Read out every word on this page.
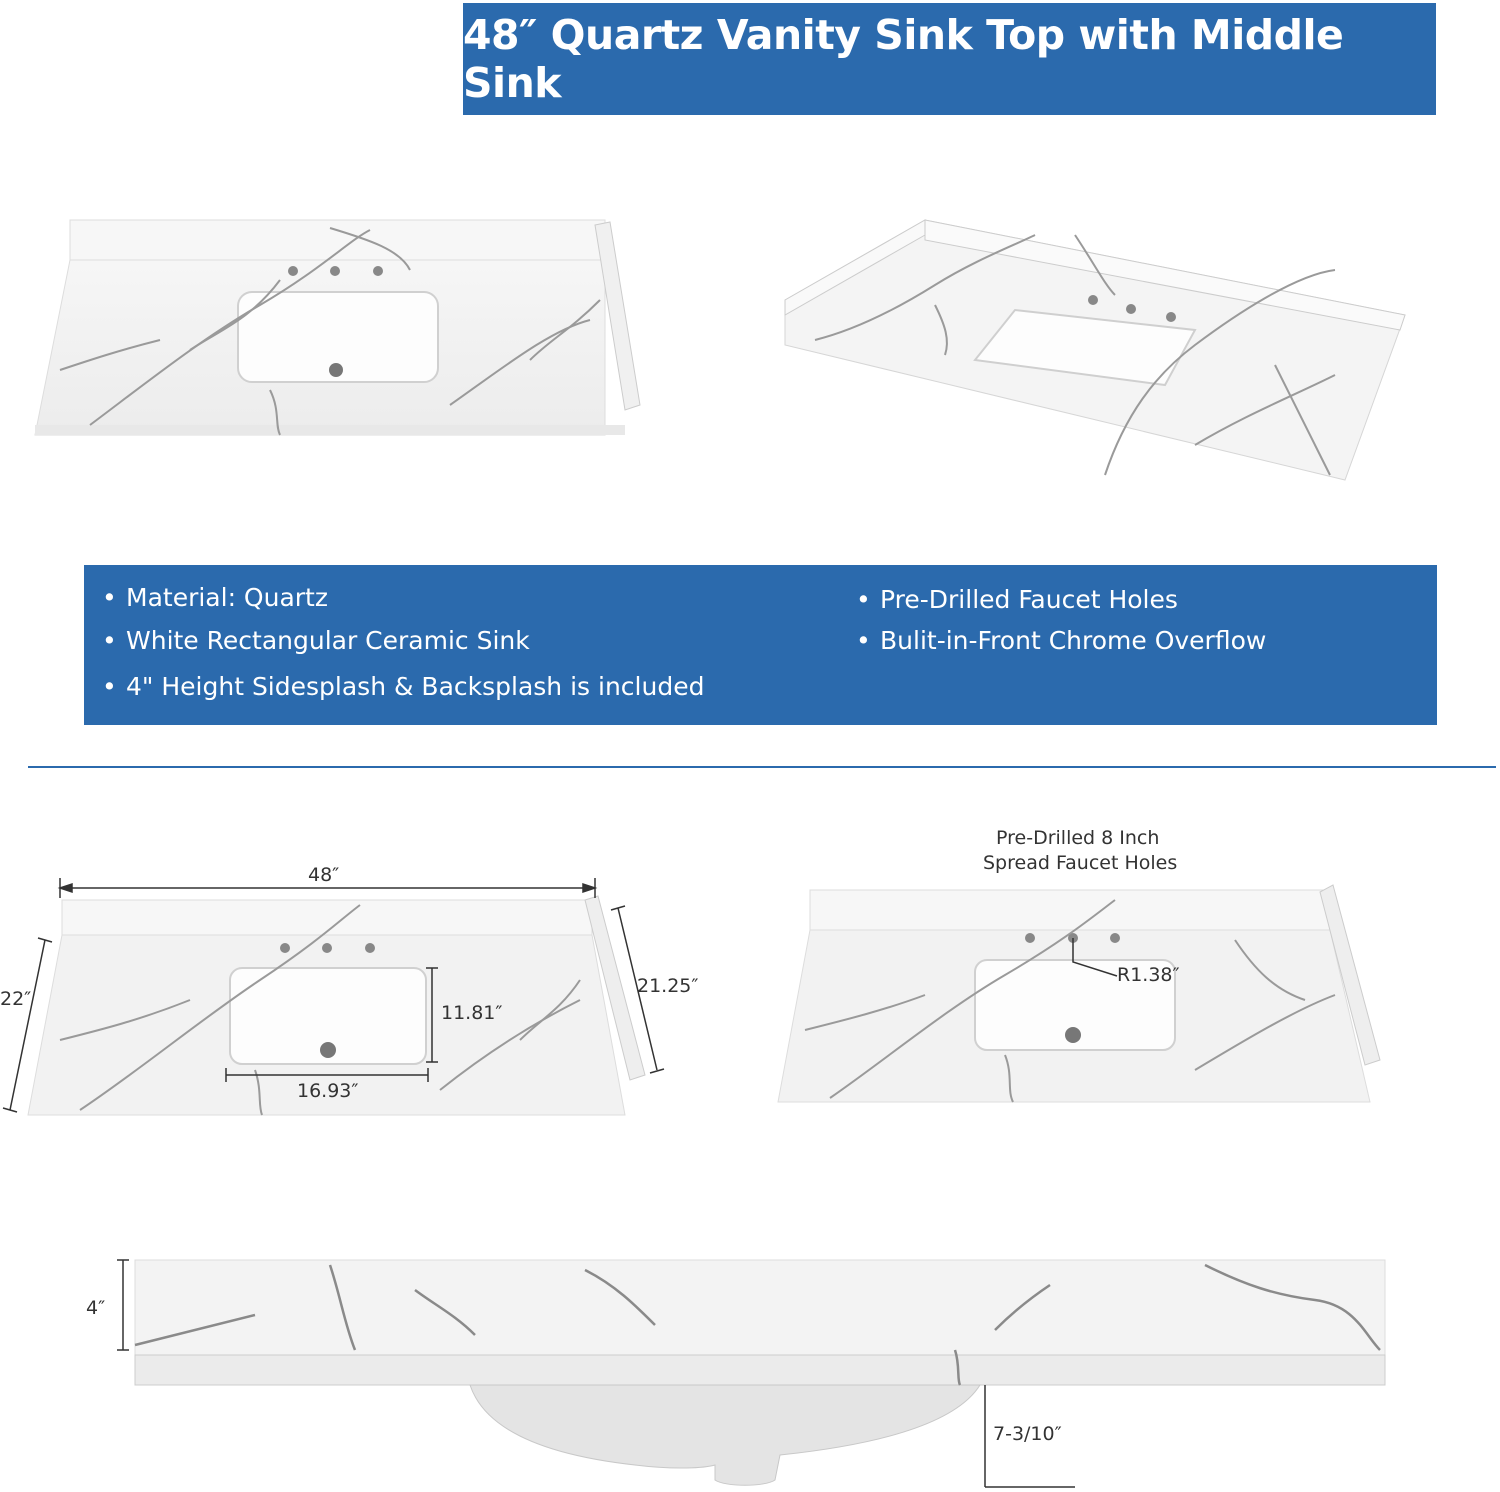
48″ Quartz Vanity Sink Top with Middle Sink
• Material: Quartz
• White Rectangular Ceramic Sink
• 4" Height Sidesplash & Backsplash is included
• Pre-Drilled Faucet Holes
• Bulit-in-Front Chrome Overflow
48″
22″
21.25″
11.81″
16.93″
Pre-Drilled 8 Inch
Spread Faucet Holes
R1.38″
4″
7-3/10″
